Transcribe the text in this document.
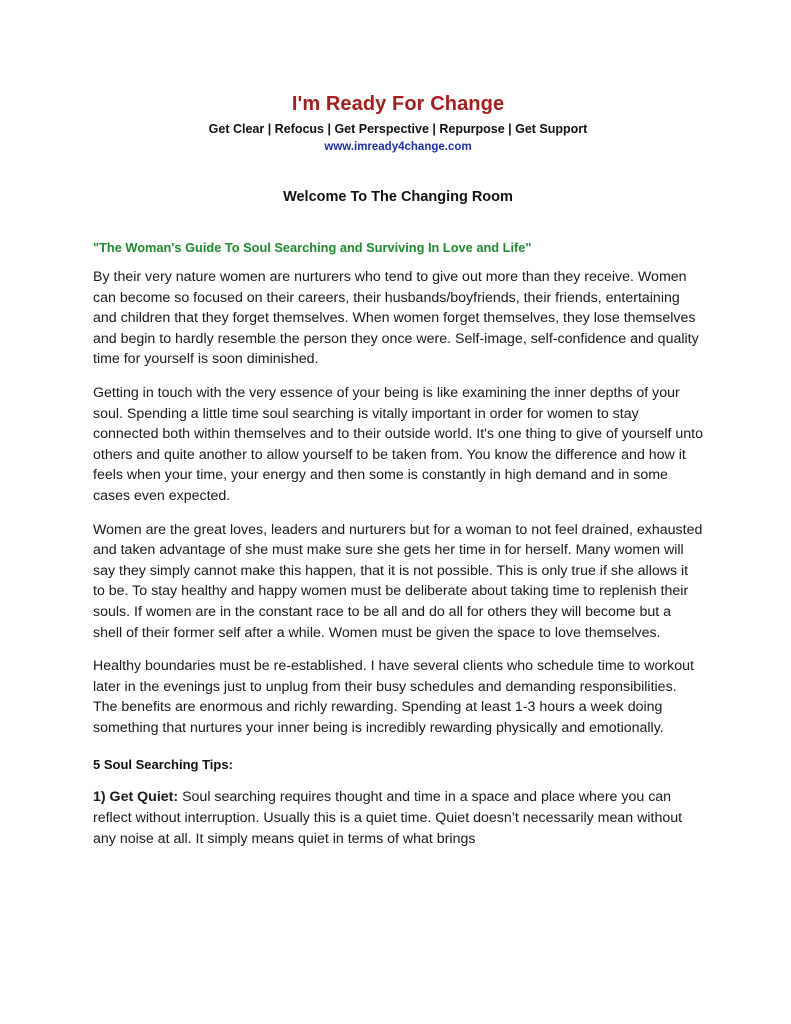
I'm Ready For Change

Get Clear | Refocus | Get Perspective | Repurpose | Get Support

www.imready4change.com
Welcome To The Changing Room
"The Woman's Guide To Soul Searching and Surviving In Love and Life"

By their very nature women are nurturers who tend to give out more than they receive. Women can become so focused on their careers, their husbands/boyfriends, their friends, entertaining and children that they forget themselves. When women forget themselves, they lose themselves and begin to hardly resemble the person they once were. Self-image, self-confidence and quality time for yourself is soon diminished.

Getting in touch with the very essence of your being is like examining the inner depths of your soul. Spending a little time soul searching is vitally important in order for women to stay connected both within themselves and to their outside world. It's one thing to give of yourself unto others and quite another to allow yourself to be taken from. You know the difference and how it feels when your time, your energy and then some is constantly in high demand and in some cases even expected.

Women are the great loves, leaders and nurturers but for a woman to not feel drained, exhausted and taken advantage of she must make sure she gets her time in for herself. Many women will say they simply cannot make this happen, that it is not possible. This is only true if she allows it to be. To stay healthy and happy women must be deliberate about taking time to replenish their souls. If women are in the constant race to be all and do all for others they will become but a shell of their former self after a while. Women must be given the space to love themselves.

Healthy boundaries must be re-established. I have several clients who schedule time to workout later in the evenings just to unplug from their busy schedules and demanding responsibilities. The benefits are enormous and richly rewarding. Spending at least 1-3 hours a week doing something that nurtures your inner being is incredibly rewarding physically and emotionally.

5 Soul Searching Tips:

1) Get Quiet: Soul searching requires thought and time in a space and place where you can reflect without interruption. Usually this is a quiet time. Quiet doesn’t necessarily mean without any noise at all. It simply means quiet in terms of what brings
